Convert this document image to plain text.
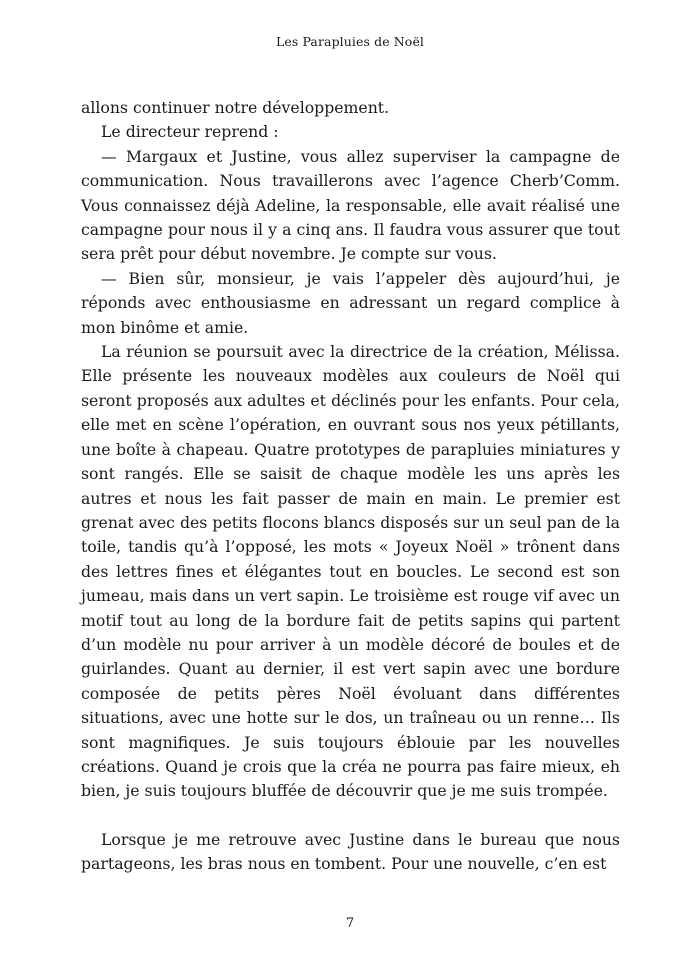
Les Parapluies de Noël

allons continuer notre développement.

Le directeur reprend :

— Margaux et Justine, vous allez superviser la campagne de communication. Nous travaillerons avec l’agence Cherb’Comm. Vous connaissez déjà Adeline, la responsable, elle avait réalisé une campagne pour nous il y a cinq ans. Il faudra vous assurer que tout sera prêt pour début novembre. Je compte sur vous.

— Bien sûr, monsieur, je vais l’appeler dès aujourd’hui, je réponds avec enthousiasme en adressant un regard complice à mon binôme et amie.

La réunion se poursuit avec la directrice de la création, Mélissa. Elle présente les nouveaux modèles aux couleurs de Noël qui seront proposés aux adultes et déclinés pour les enfants. Pour cela, elle met en scène l’opération, en ouvrant sous nos yeux pétillants, une boîte à chapeau. Quatre prototypes de parapluies miniatures y sont rangés. Elle se saisit de chaque modèle les uns après les autres et nous les fait passer de main en main. Le premier est grenat avec des petits flocons blancs disposés sur un seul pan de la toile, tandis qu’à l’opposé, les mots « Joyeux Noël » trônent dans des lettres fines et élégantes tout en boucles. Le second est son jumeau, mais dans un vert sapin. Le troisième est rouge vif avec un motif tout au long de la bordure fait de petits sapins qui partent d’un modèle nu pour arriver à un modèle décoré de boules et de guirlandes. Quant au dernier, il est vert sapin avec une bordure composée de petits pères Noël évoluant dans différentes situations, avec une hotte sur le dos, un traîneau ou un renne… Ils sont magnifiques. Je suis toujours éblouie par les nouvelles créations. Quand je crois que la créa ne pourra pas faire mieux, eh bien, je suis toujours bluffée de découvrir que je me suis trompée.

Lorsque je me retrouve avec Justine dans le bureau que nous partageons, les bras nous en tombent. Pour une nouvelle, c’en est

7
